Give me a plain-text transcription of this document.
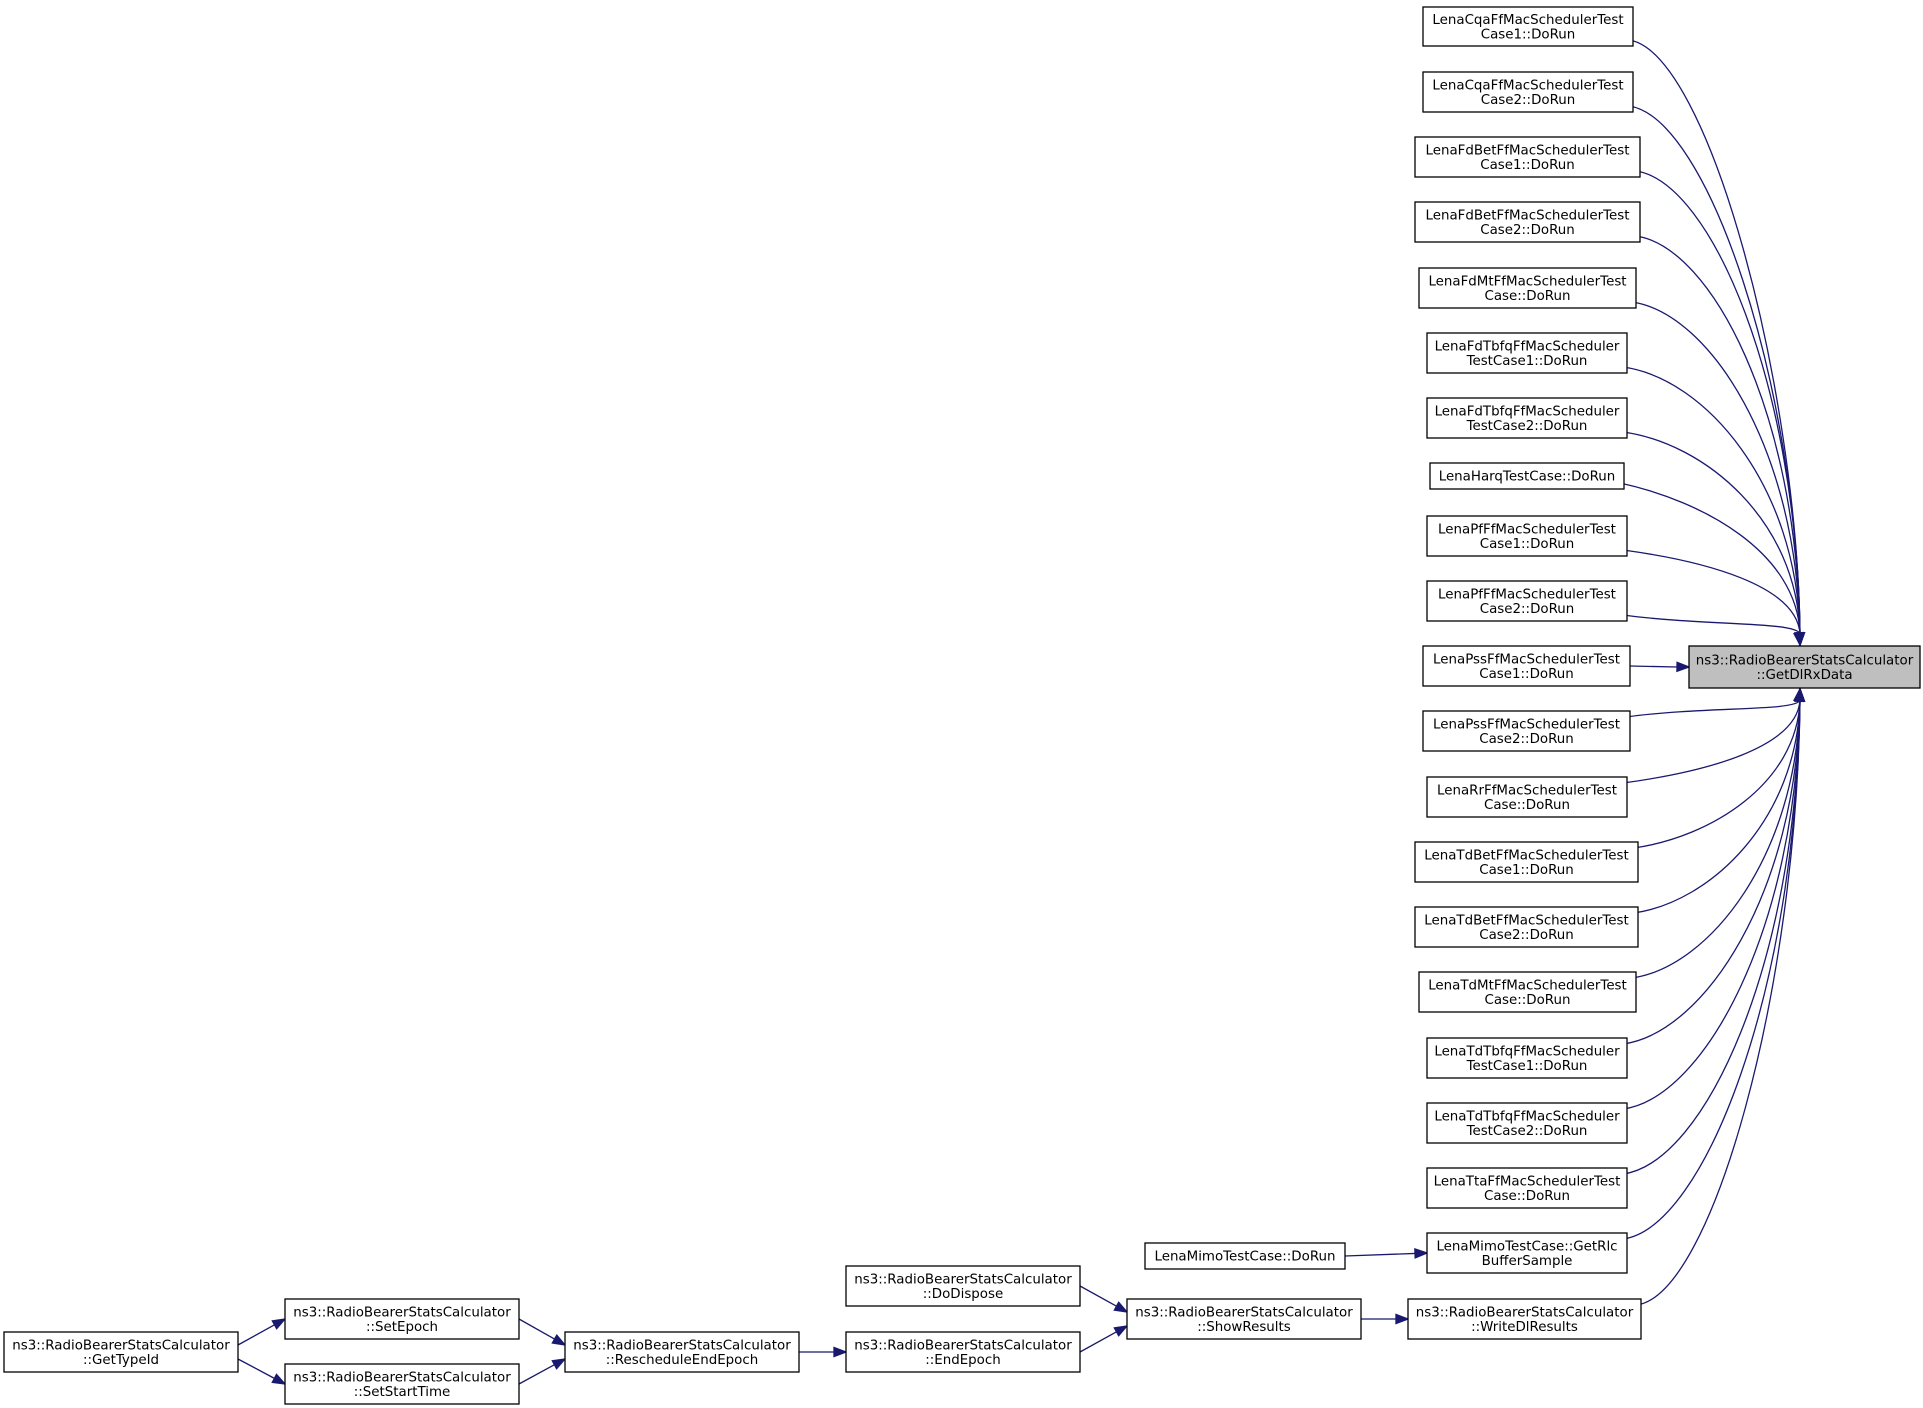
ns3::RadioBearerStatsCalculator
::GetDlRxData
LenaCqaFfMacSchedulerTest
Case1::DoRun
LenaCqaFfMacSchedulerTest
Case2::DoRun
LenaFdBetFfMacSchedulerTest
Case1::DoRun
LenaFdBetFfMacSchedulerTest
Case2::DoRun
LenaFdMtFfMacSchedulerTest
Case::DoRun
LenaFdTbfqFfMacScheduler
TestCase1::DoRun
LenaFdTbfqFfMacScheduler
TestCase2::DoRun
LenaHarqTestCase::DoRun
LenaPfFfMacSchedulerTest
Case1::DoRun
LenaPfFfMacSchedulerTest
Case2::DoRun
LenaPssFfMacSchedulerTest
Case1::DoRun
LenaPssFfMacSchedulerTest
Case2::DoRun
LenaRrFfMacSchedulerTest
Case::DoRun
LenaTdBetFfMacSchedulerTest
Case1::DoRun
LenaTdBetFfMacSchedulerTest
Case2::DoRun
LenaTdMtFfMacSchedulerTest
Case::DoRun
LenaTdTbfqFfMacScheduler
TestCase1::DoRun
LenaTdTbfqFfMacScheduler
TestCase2::DoRun
LenaTtaFfMacSchedulerTest
Case::DoRun
LenaMimoTestCase::GetRlc
BufferSample
LenaMimoTestCase::DoRun
ns3::RadioBearerStatsCalculator
::WriteDlResults
ns3::RadioBearerStatsCalculator
::ShowResults
ns3::RadioBearerStatsCalculator
::DoDispose
ns3::RadioBearerStatsCalculator
::EndEpoch
ns3::RadioBearerStatsCalculator
::RescheduleEndEpoch
ns3::RadioBearerStatsCalculator
::SetEpoch
ns3::RadioBearerStatsCalculator
::SetStartTime
ns3::RadioBearerStatsCalculator
::GetTypeId
